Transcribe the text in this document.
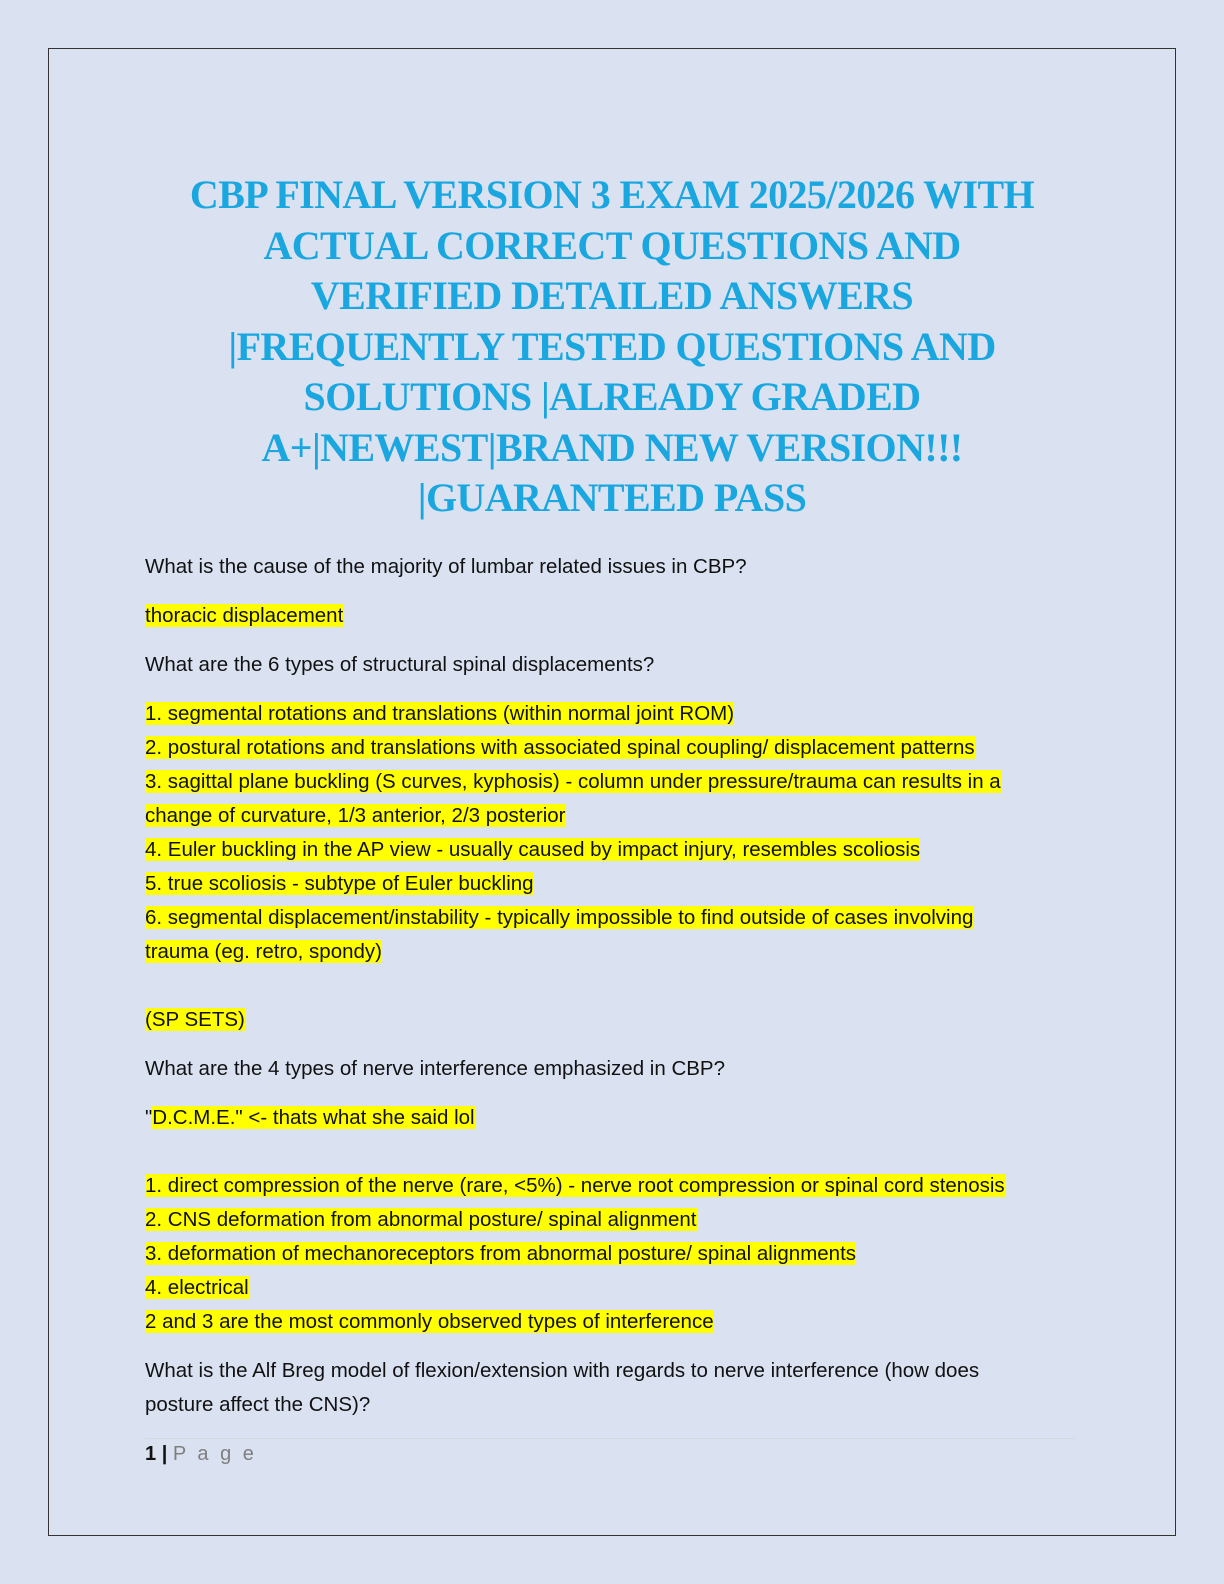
CBP FINAL VERSION 3 EXAM 2025/2026 WITH
ACTUAL CORRECT QUESTIONS AND
VERIFIED DETAILED ANSWERS
|FREQUENTLY TESTED QUESTIONS AND
SOLUTIONS |ALREADY GRADED
A+|NEWEST|BRAND NEW VERSION!!!
|GUARANTEED PASS

What is the cause of the majority of lumbar related issues in CBP?

thoracic displacement

What are the 6 types of structural spinal displacements?

1. segmental rotations and translations (within normal joint ROM)

2. postural rotations and translations with associated spinal coupling/ displacement patterns

3. sagittal plane buckling (S curves, kyphosis) - column under pressure/trauma can results in a

change of curvature, 1/3 anterior, 2/3 posterior

4. Euler buckling in the AP view - usually caused by impact injury, resembles scoliosis

5. true scoliosis - subtype of Euler buckling

6. segmental displacement/instability - typically impossible to find outside of cases involving

trauma (eg. retro, spondy)

(SP SETS)

What are the 4 types of nerve interference emphasized in CBP?

"D.C.M.E." <- thats what she said lol

1. direct compression of the nerve (rare, <5%) - nerve root compression or spinal cord stenosis

2. CNS deformation from abnormal posture/ spinal alignment

3. deformation of mechanoreceptors from abnormal posture/ spinal alignments

4. electrical

2 and 3 are the most commonly observed types of interference

What is the Alf Breg model of flexion/extension with regards to nerve interference (how does
posture affect the CNS)?

1 | P a g e
